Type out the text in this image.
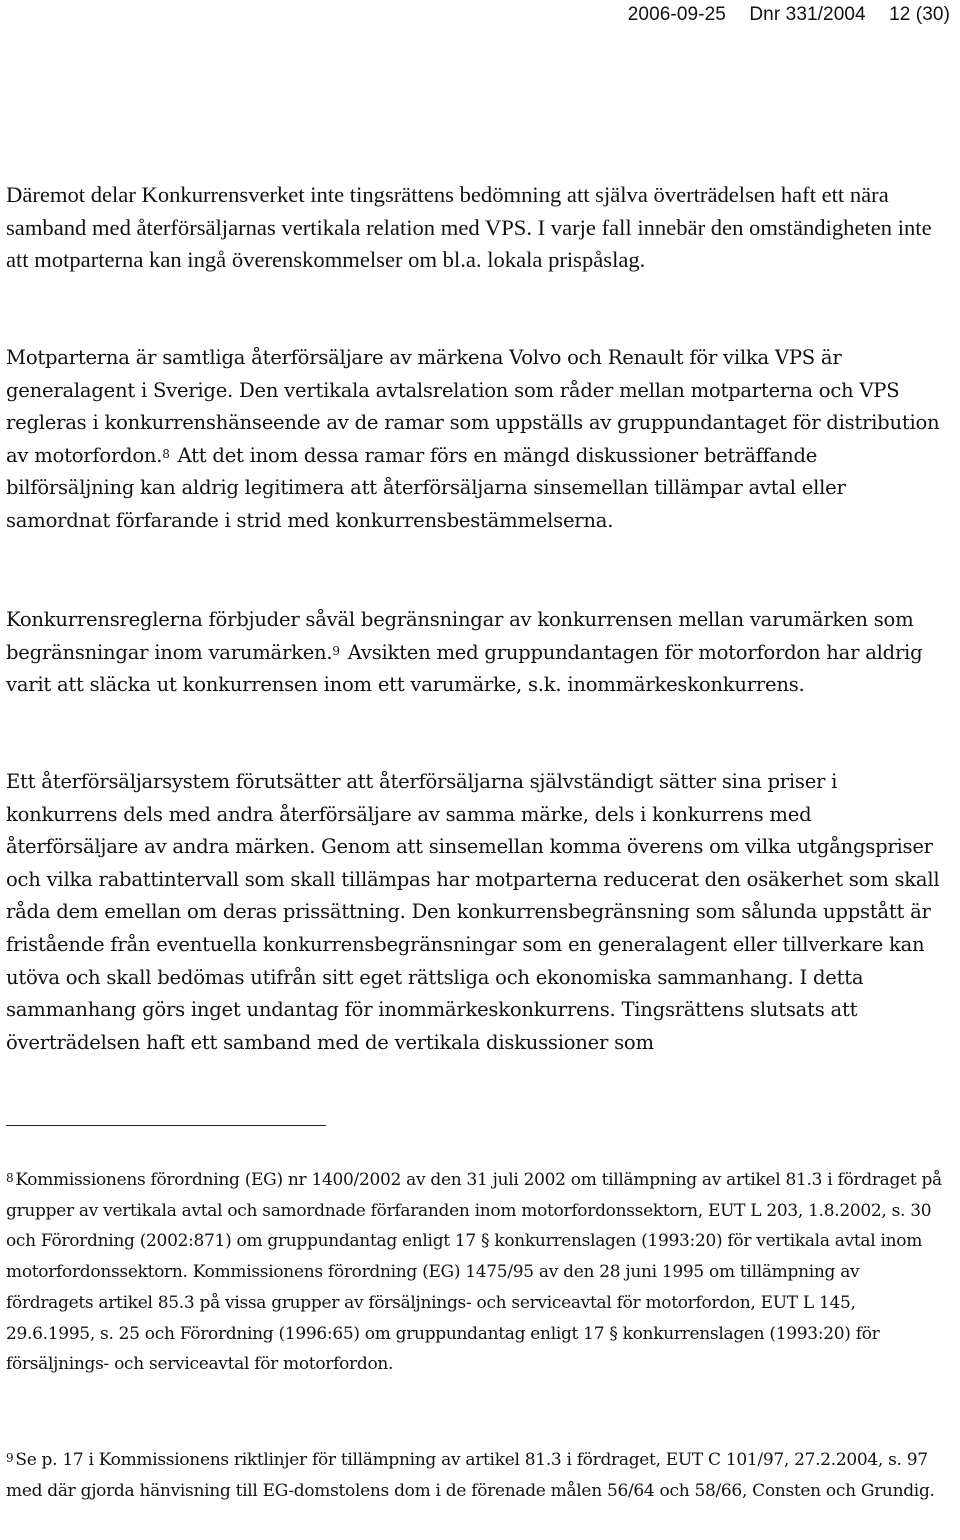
2006-09-25 Dnr 331/2004 12 (30)

Däremot delar Konkurrensverket inte tingsrättens bedömning att själva överträdelsen haft ett nära samband med återförsäljarnas vertikala relation med VPS. I varje fall innebär den omständigheten inte att motparterna kan ingå överenskommelser om bl.a. lokala prispåslag.

Motparterna är samtliga återförsäljare av märkena Volvo och Renault för vilka VPS är generalagent i Sverige. Den vertikala avtalsrelation som råder mellan motparterna och VPS regleras i konkurrenshänseende av de ramar som uppställs av gruppundantaget för distribution av motorfordon.$^8$ Att det inom dessa ramar förs en mängd diskussioner beträffande bilförsäljning kan aldrig legitimera att återförsäljarna sinsemellan tillämpar avtal eller samordnat förfarande i strid med konkurrensbestämmelserna.

Konkurrensreglerna förbjuder såväl begränsningar av konkurrensen mellan varumärken som begränsningar inom varumärken.$^9$ Avsikten med gruppundantagen för motorfordon har aldrig varit att släcka ut konkurrensen inom ett varumärke, s.k. inommärkeskonkurrens.

Ett återförsäljarsystem förutsätter att återförsäljarna självständigt sätter sina priser i konkurrens dels med andra återförsäljare av samma märke, dels i konkurrens med återförsäljare av andra märken. Genom att sinsemellan komma överens om vilka utgångspriser och vilka rabattintervall som skall tillämpas har motparterna reducerat den osäkerhet som skall råda dem emellan om deras prissättning. Den konkurrensbegränsning som sålunda uppstått är fristående från eventuella konkurrensbegränsningar som en generalagent eller tillverkare kan utöva och skall bedömas utifrån sitt eget rättsliga och ekonomiska sammanhang. I detta sammanhang görs inget undantag för inommärkeskonkurrens. Tingsrättens slutsats att överträdelsen haft ett samband med de vertikala diskussioner som

$^8$ Kommissionens förordning (EG) nr 1400/2002 av den 31 juli 2002 om tillämpning av artikel 81.3 i fördraget på grupper av vertikala avtal och samordnade förfaranden inom motorfordonssektorn, EUT L 203, 1.8.2002, s. 30 och Förordning (2002:871) om gruppundantag enligt 17 § konkurrenslagen (1993:20) för vertikala avtal inom motorfordonssektorn. Kommissionens förordning (EG) 1475/95 av den 28 juni 1995 om tillämpning av fördragets artikel 85.3 på vissa grupper av försäljnings- och serviceavtal för motorfordon, EUT L 145, 29.6.1995, s. 25 och Förordning (1996:65) om gruppundantag enligt 17 § konkurrenslagen (1993:20) för försäljnings- och serviceavtal för motorfordon.

$^9$ Se p. 17 i Kommissionens riktlinjer för tillämpning av artikel 81.3 i fördraget, EUT C 101/97, 27.2.2004, s. 97 med där gjorda hänvisning till EG-domstolens dom i de förenade målen 56/64 och 58/66, Consten och Grundig.
